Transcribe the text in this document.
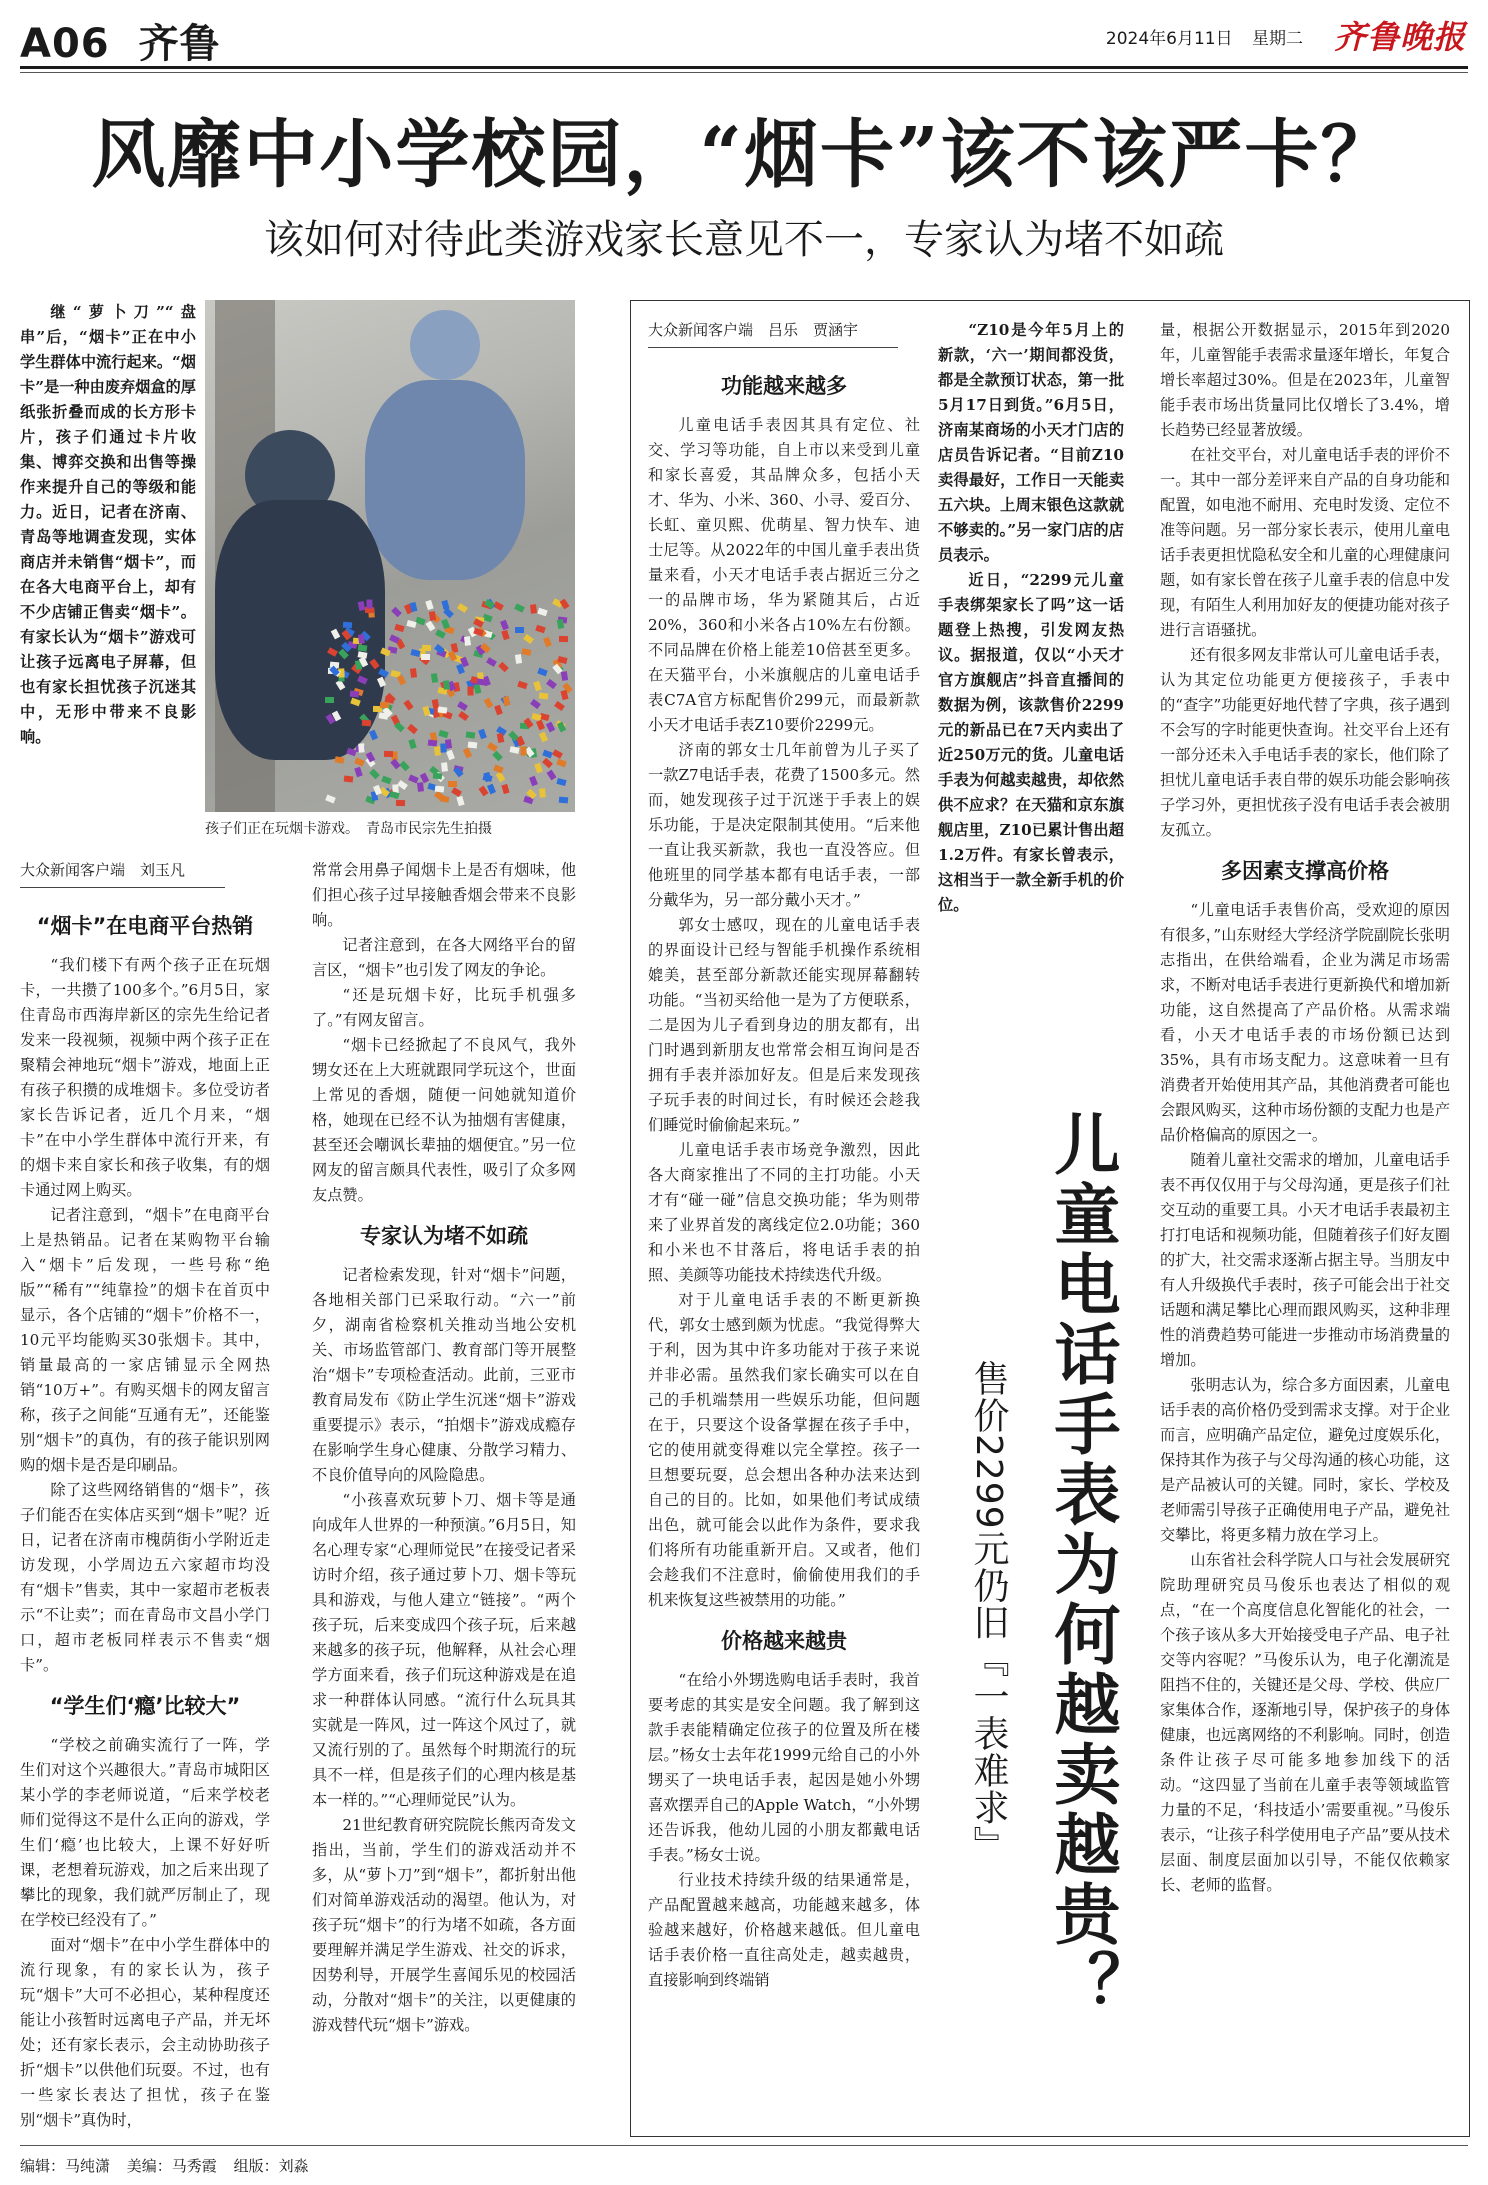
A06 齐鲁	2024年6月11日 星期二 齐鲁晚报
风靡中小学校园，“烟卡”该不该严卡？
该如何对待此类游戏家长意见不一，专家认为堵不如疏

继“萝卜刀”“盘串”后，“烟卡”正在中小学生群体中流行起来。“烟卡”是一种由废弃烟盒的厚纸张折叠而成的长方形卡片，孩子们通过卡片收集、博弈交换和出售等操作来提升自己的等级和能力。近日，记者在济南、青岛等地调查发现，实体商店并未销售“烟卡”，而在各大电商平台上，却有不少店铺正售卖“烟卡”。有家长认为“烟卡”游戏可让孩子远离电子屏幕，但也有家长担忧孩子沉迷其中，无形中带来不良影响。

孩子们正在玩烟卡游戏。　青岛市民宗先生拍摄
大众新闻客户端　刘玉凡
“烟卡”在电商平台热销

“我们楼下有两个孩子正在玩烟卡，一共攒了100多个。”6月5日，家住青岛市西海岸新区的宗先生给记者发来一段视频，视频中两个孩子正在聚精会神地玩“烟卡”游戏，地面上正有孩子积攒的成堆烟卡。多位受访者家长告诉记者，近几个月来，“烟卡”在中小学生群体中流行开来，有的烟卡来自家长和孩子收集，有的烟卡通过网上购买。

记者注意到，“烟卡”在电商平台上是热销品。记者在某购物平台输入“烟卡”后发现，一些号称“绝版”“稀有”“纯靠捡”的烟卡在首页中显示，各个店铺的“烟卡”价格不一，10元平均能购买30张烟卡。其中，销量最高的一家店铺显示全网热销“10万+”。有购买烟卡的网友留言称，孩子之间能“互通有无”，还能鉴别“烟卡”的真伪，有的孩子能识别网购的烟卡是否是印刷品。

除了这些网络销售的“烟卡”，孩子们能否在实体店买到“烟卡”呢？近日，记者在济南市槐荫街小学附近走访发现，小学周边五六家超市均没有“烟卡”售卖，其中一家超市老板表示“不让卖”；而在青岛市文昌小学门口，超市老板同样表示不售卖“烟卡”。

“学生们‘瘾’比较大”

“学校之前确实流行了一阵，学生们对这个兴趣很大。”青岛市城阳区某小学的李老师说道，“后来学校老师们觉得这不是什么正向的游戏，学生们‘瘾’也比较大，上课不好好听课，老想着玩游戏，加之后来出现了攀比的现象，我们就严厉制止了，现在学校已经没有了。”

面对“烟卡”在中小学生群体中的流行现象，有的家长认为，孩子玩“烟卡”大可不必担心，某种程度还能让小孩暂时远离电子产品，并无坏处；还有家长表示，会主动协助孩子折“烟卡”以供他们玩耍。不过，也有一些家长表达了担忧，孩子在鉴别“烟卡”真伪时，

常常会用鼻子闻烟卡上是否有烟味，他们担心孩子过早接触香烟会带来不良影响。

记者注意到，在各大网络平台的留言区，“烟卡”也引发了网友的争论。

“还是玩烟卡好，比玩手机强多了。”有网友留言。

“烟卡已经掀起了不良风气，我外甥女还在上大班就跟同学玩这个，世面上常见的香烟，随便一问她就知道价格，她现在已经不认为抽烟有害健康，甚至还会嘲讽长辈抽的烟便宜。”另一位网友的留言颇具代表性，吸引了众多网友点赞。

专家认为堵不如疏

记者检索发现，针对“烟卡”问题，各地相关部门已采取行动。“六一”前夕，湖南省检察机关推动当地公安机关、市场监管部门、教育部门等开展整治“烟卡”专项检查活动。此前，三亚市教育局发布《防止学生沉迷“烟卡”游戏重要提示》表示，“拍烟卡”游戏成瘾存在影响学生身心健康、分散学习精力、不良价值导向的风险隐患。

“小孩喜欢玩萝卜刀、烟卡等是通向成年人世界的一种预演。”6月5日，知名心理专家“心理师觉民”在接受记者采访时介绍，孩子通过萝卜刀、烟卡等玩具和游戏，与他人建立“链接”。“两个孩子玩，后来变成四个孩子玩，后来越来越多的孩子玩，他解释，从社会心理学方面来看，孩子们玩这种游戏是在追求一种群体认同感。“流行什么玩具其实就是一阵风，过一阵这个风过了，就又流行别的了。虽然每个时期流行的玩具不一样，但是孩子们的心理内核是基本一样的。”“心理师觉民”认为。

21世纪教育研究院院长熊丙奇发文指出，当前，学生们的游戏活动并不多，从“萝卜刀”到“烟卡”，都折射出他们对简单游戏活动的渴望。他认为，对孩子玩“烟卡”的行为堵不如疏，各方面要理解并满足学生游戏、社交的诉求，因势利导，开展学生喜闻乐见的校园活动，分散对“烟卡”的关注，以更健康的游戏替代玩“烟卡”游戏。

大众新闻客户端　吕乐　贾涵宇
功能越来越多

儿童电话手表因其具有定位、社交、学习等功能，自上市以来受到儿童和家长喜爱，其品牌众多，包括小天才、华为、小米、360、小寻、爱百分、长虹、童贝熙、优萌星、智力快车、迪士尼等。从2022年的中国儿童手表出货量来看，小天才电话手表占据近三分之一的品牌市场，华为紧随其后，占近20%，360和小米各占10%左右份额。不同品牌在价格上能差10倍甚至更多。在天猫平台，小米旗舰店的儿童电话手表C7A官方标配售价299元，而最新款小天才电话手表Z10要价2299元。

济南的郭女士几年前曾为儿子买了一款Z7电话手表，花费了1500多元。然而，她发现孩子过于沉迷于手表上的娱乐功能，于是决定限制其使用。“后来他一直让我买新款，我也一直没答应。但他班里的同学基本都有电话手表，一部分戴华为，另一部分戴小天才。”

郭女士感叹，现在的儿童电话手表的界面设计已经与智能手机操作系统相媲美，甚至部分新款还能实现屏幕翻转功能。“当初买给他一是为了方便联系，二是因为儿子看到身边的朋友都有，出门时遇到新朋友也常常会相互询问是否拥有手表并添加好友。但是后来发现孩子玩手表的时间过长，有时候还会趁我们睡觉时偷偷起来玩。”

儿童电话手表市场竞争激烈，因此各大商家推出了不同的主打功能。小天才有“碰一碰”信息交换功能；华为则带来了业界首发的离线定位2.0功能；360和小米也不甘落后，将电话手表的拍照、美颜等功能技术持续迭代升级。

对于儿童电话手表的不断更新换代，郭女士感到颇为忧虑。“我觉得弊大于利，因为其中许多功能对于孩子来说并非必需。虽然我们家长确实可以在自己的手机端禁用一些娱乐功能，但问题在于，只要这个设备掌握在孩子手中，它的使用就变得难以完全掌控。孩子一旦想要玩耍，总会想出各种办法来达到自己的目的。比如，如果他们考试成绩出色，就可能会以此作为条件，要求我们将所有功能重新开启。又或者，他们会趁我们不注意时，偷偷使用我们的手机来恢复这些被禁用的功能。”

价格越来越贵

“在给小外甥选购电话手表时，我首要考虑的其实是安全问题。我了解到这款手表能精确定位孩子的位置及所在楼层。”杨女士去年花1999元给自己的小外甥买了一块电话手表，起因是她小外甥喜欢摆弄自己的Apple Watch，“小外甥还告诉我，他幼儿园的小朋友都戴电话手表。”杨女士说。

行业技术持续升级的结果通常是，产品配置越来越高，功能越来越多，体验越来越好，价格越来越低。但儿童电话手表价格一直往高处走，越卖越贵，直接影响到终端销

“Z10是今年5月上的新款，‘六一’期间都没货，都是全款预订状态，第一批5月17日到货。”6月5日，济南某商场的小天才门店的店员告诉记者。“目前Z10卖得最好，工作日一天能卖五六块。上周末银色这款就不够卖的。”另一家门店的店员表示。

近日，“2299元儿童手表绑架家长了吗”这一话题登上热搜，引发网友热议。据报道，仅以“小天才官方旗舰店”抖音直播间的数据为例，该款售价2299元的新品已在7天内卖出了近250万元的货。儿童电话手表为何越卖越贵，却依然供不应求？在天猫和京东旗舰店里，Z10已累计售出超1.2万件。有家长曾表示，这相当于一款全新手机的价位。

儿童电话手表为何越卖越贵？
售价2299元仍旧『一表难求』

量，根据公开数据显示，2015年到2020年，儿童智能手表需求量逐年增长，年复合增长率超过30%。但是在2023年，儿童智能手表市场出货量同比仅增长了3.4%，增长趋势已经显著放缓。

在社交平台，对儿童电话手表的评价不一。其中一部分差评来自产品的自身功能和配置，如电池不耐用、充电时发烫、定位不准等问题。另一部分家长表示，使用儿童电话手表更担忧隐私安全和儿童的心理健康问题，如有家长曾在孩子儿童手表的信息中发现，有陌生人利用加好友的便捷功能对孩子进行言语骚扰。

还有很多网友非常认可儿童电话手表，认为其定位功能更方便接孩子，手表中的“查字”功能更好地代替了字典，孩子遇到不会写的字时能更快查询。社交平台上还有一部分还未入手电话手表的家长，他们除了担忧儿童电话手表自带的娱乐功能会影响孩子学习外，更担忧孩子没有电话手表会被朋友孤立。

多因素支撑高价格

“儿童电话手表售价高，受欢迎的原因有很多，”山东财经大学经济学院副院长张明志指出，在供给端看，企业为满足市场需求，不断对电话手表进行更新换代和增加新功能，这自然提高了产品价格。从需求端看，小天才电话手表的市场份额已达到35%，具有市场支配力。这意味着一旦有消费者开始使用其产品，其他消费者可能也会跟风购买，这种市场份额的支配力也是产品价格偏高的原因之一。

随着儿童社交需求的增加，儿童电话手表不再仅仅用于与父母沟通，更是孩子们社交互动的重要工具。小天才电话手表最初主打打电话和视频功能，但随着孩子们好友圈的扩大，社交需求逐渐占据主导。当朋友中有人升级换代手表时，孩子可能会出于社交话题和满足攀比心理而跟风购买，这种非理性的消费趋势可能进一步推动市场消费量的增加。

张明志认为，综合多方面因素，儿童电话手表的高价格仍受到需求支撑。对于企业而言，应明确产品定位，避免过度娱乐化，保持其作为孩子与父母沟通的核心功能，这是产品被认可的关键。同时，家长、学校及老师需引导孩子正确使用电子产品，避免社交攀比，将更多精力放在学习上。

山东省社会科学院人口与社会发展研究院助理研究员马俊乐也表达了相似的观点，“在一个高度信息化智能化的社会，一个孩子该从多大开始接受电子产品、电子社交等内容呢？”马俊乐认为，电子化潮流是阻挡不住的，关键还是父母、学校、供应厂家集体合作，逐渐地引导，保护孩子的身体健康，也远离网络的不利影响。同时，创造条件让孩子尽可能多地参加线下的活动。“这四显了当前在儿童手表等领域监管力量的不足，‘科技适小’需要重视。”马俊乐表示，“让孩子科学使用电子产品”要从技术层面、制度层面加以引导，不能仅依赖家长、老师的监督。

编辑：马纯潇 美编：马秀霞 组版：刘淼
